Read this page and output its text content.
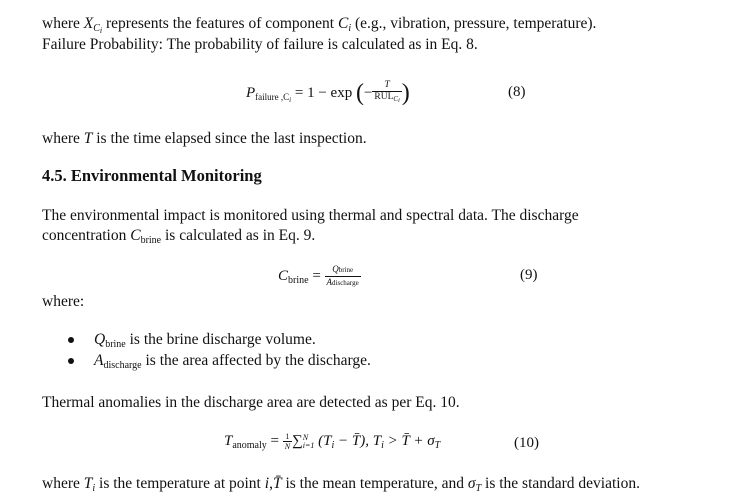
where $XC_i$ represents the features of component Ci (e.g., vibration, pressure, temperature).
Failure Probability: The probability of failure is calculated as in Eq. 8.
$P_{failure ,C_i} = 1 - \exp$ (− $\frac{T}{RUL_{Ci}}$ )	(8)
where T is the time elapsed since the last inspection.
4.5. Environmental Monitoring
The environmental impact is monitored using thermal and spectral data. The discharge
concentration $C_{brine}$ is calculated as in Eq. 9.
$C_{brine} = \frac{\text{Qbrine}}{\text{Adischarge}}$	(9)
where:
$Q_{brine}$ is the brine discharge volume.
$A_{discharge}$ is the area affected by the discharge.
Thermal anomalies in the discharge area are detected as per Eq. 10.
$T_{anomaly} = \frac{1}{N}$ ∑ N
i=1 ($T_i$ − T̄), $T_i$ > T̄ + $\sigma_T$	(10)
where Ti is the temperature at point i,T̄ is the mean temperature, and σT is the standard deviation.
